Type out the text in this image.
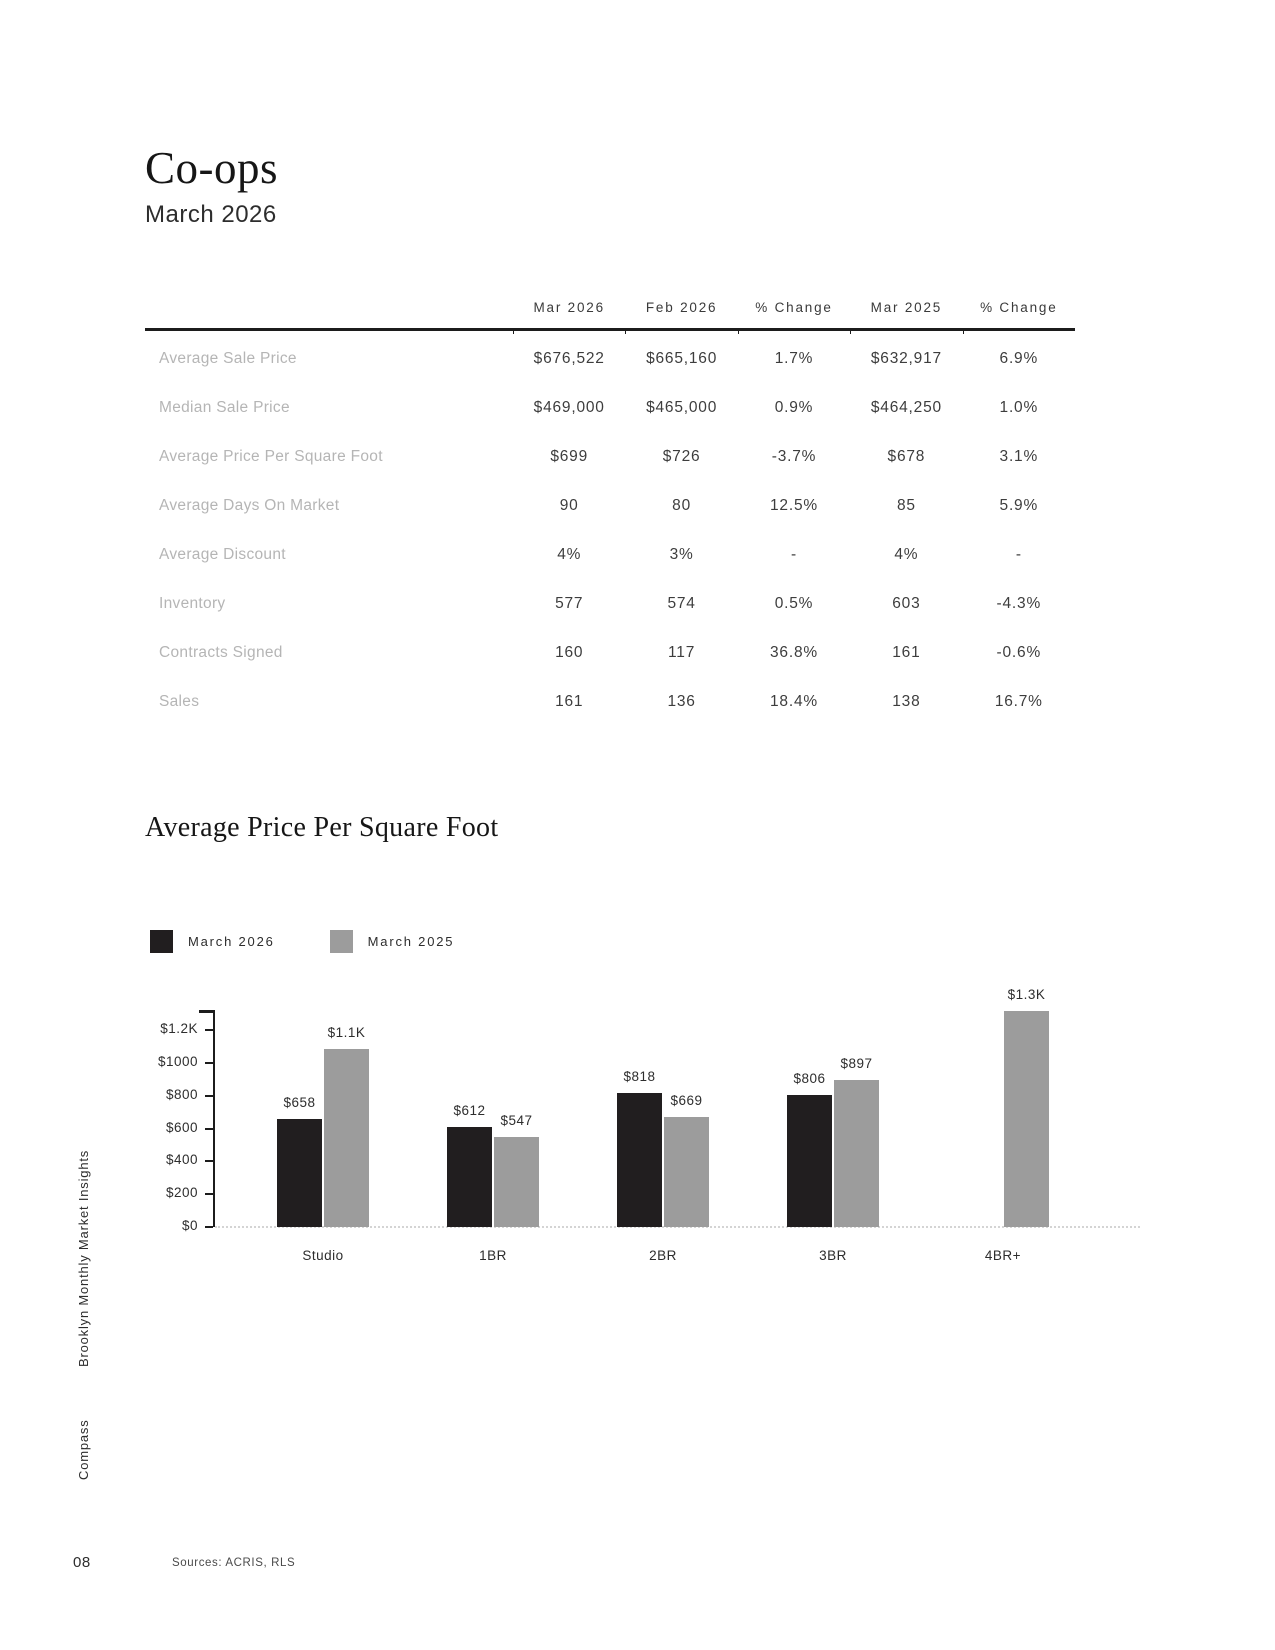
Brooklyn Monthly Market Insights
Compass
Co-ops
March 2026
Mar 2026	Feb 2026	% Change	Mar 2025	% Change
Average Sale Price	$676,522	$665,160	1.7%	$632,917	6.9%
Median Sale Price	$469,000	$465,000	0.9%	$464,250	1.0%
Average Price Per Square Foot	$699	$726	-3.7%	$678	3.1%
Average Days On Market	90	80	12.5%	85	5.9%
Average Discount	4%	3%	-	4%	-
Inventory	577	574	0.5%	603	-4.3%
Contracts Signed	160	117	36.8%	161	-0.6%
Sales	161	136	18.4%	138	16.7%
Average Price Per Square Foot
March 2026	March 2025
$0
$200
$400
$600
$800
$1000
$1.2K
$658
$1.1K
Studio
$612
$547
1BR
$818
$669
2BR
$806
$897
3BR
$1.3K
4BR+
08	Sources: ACRIS, RLS
